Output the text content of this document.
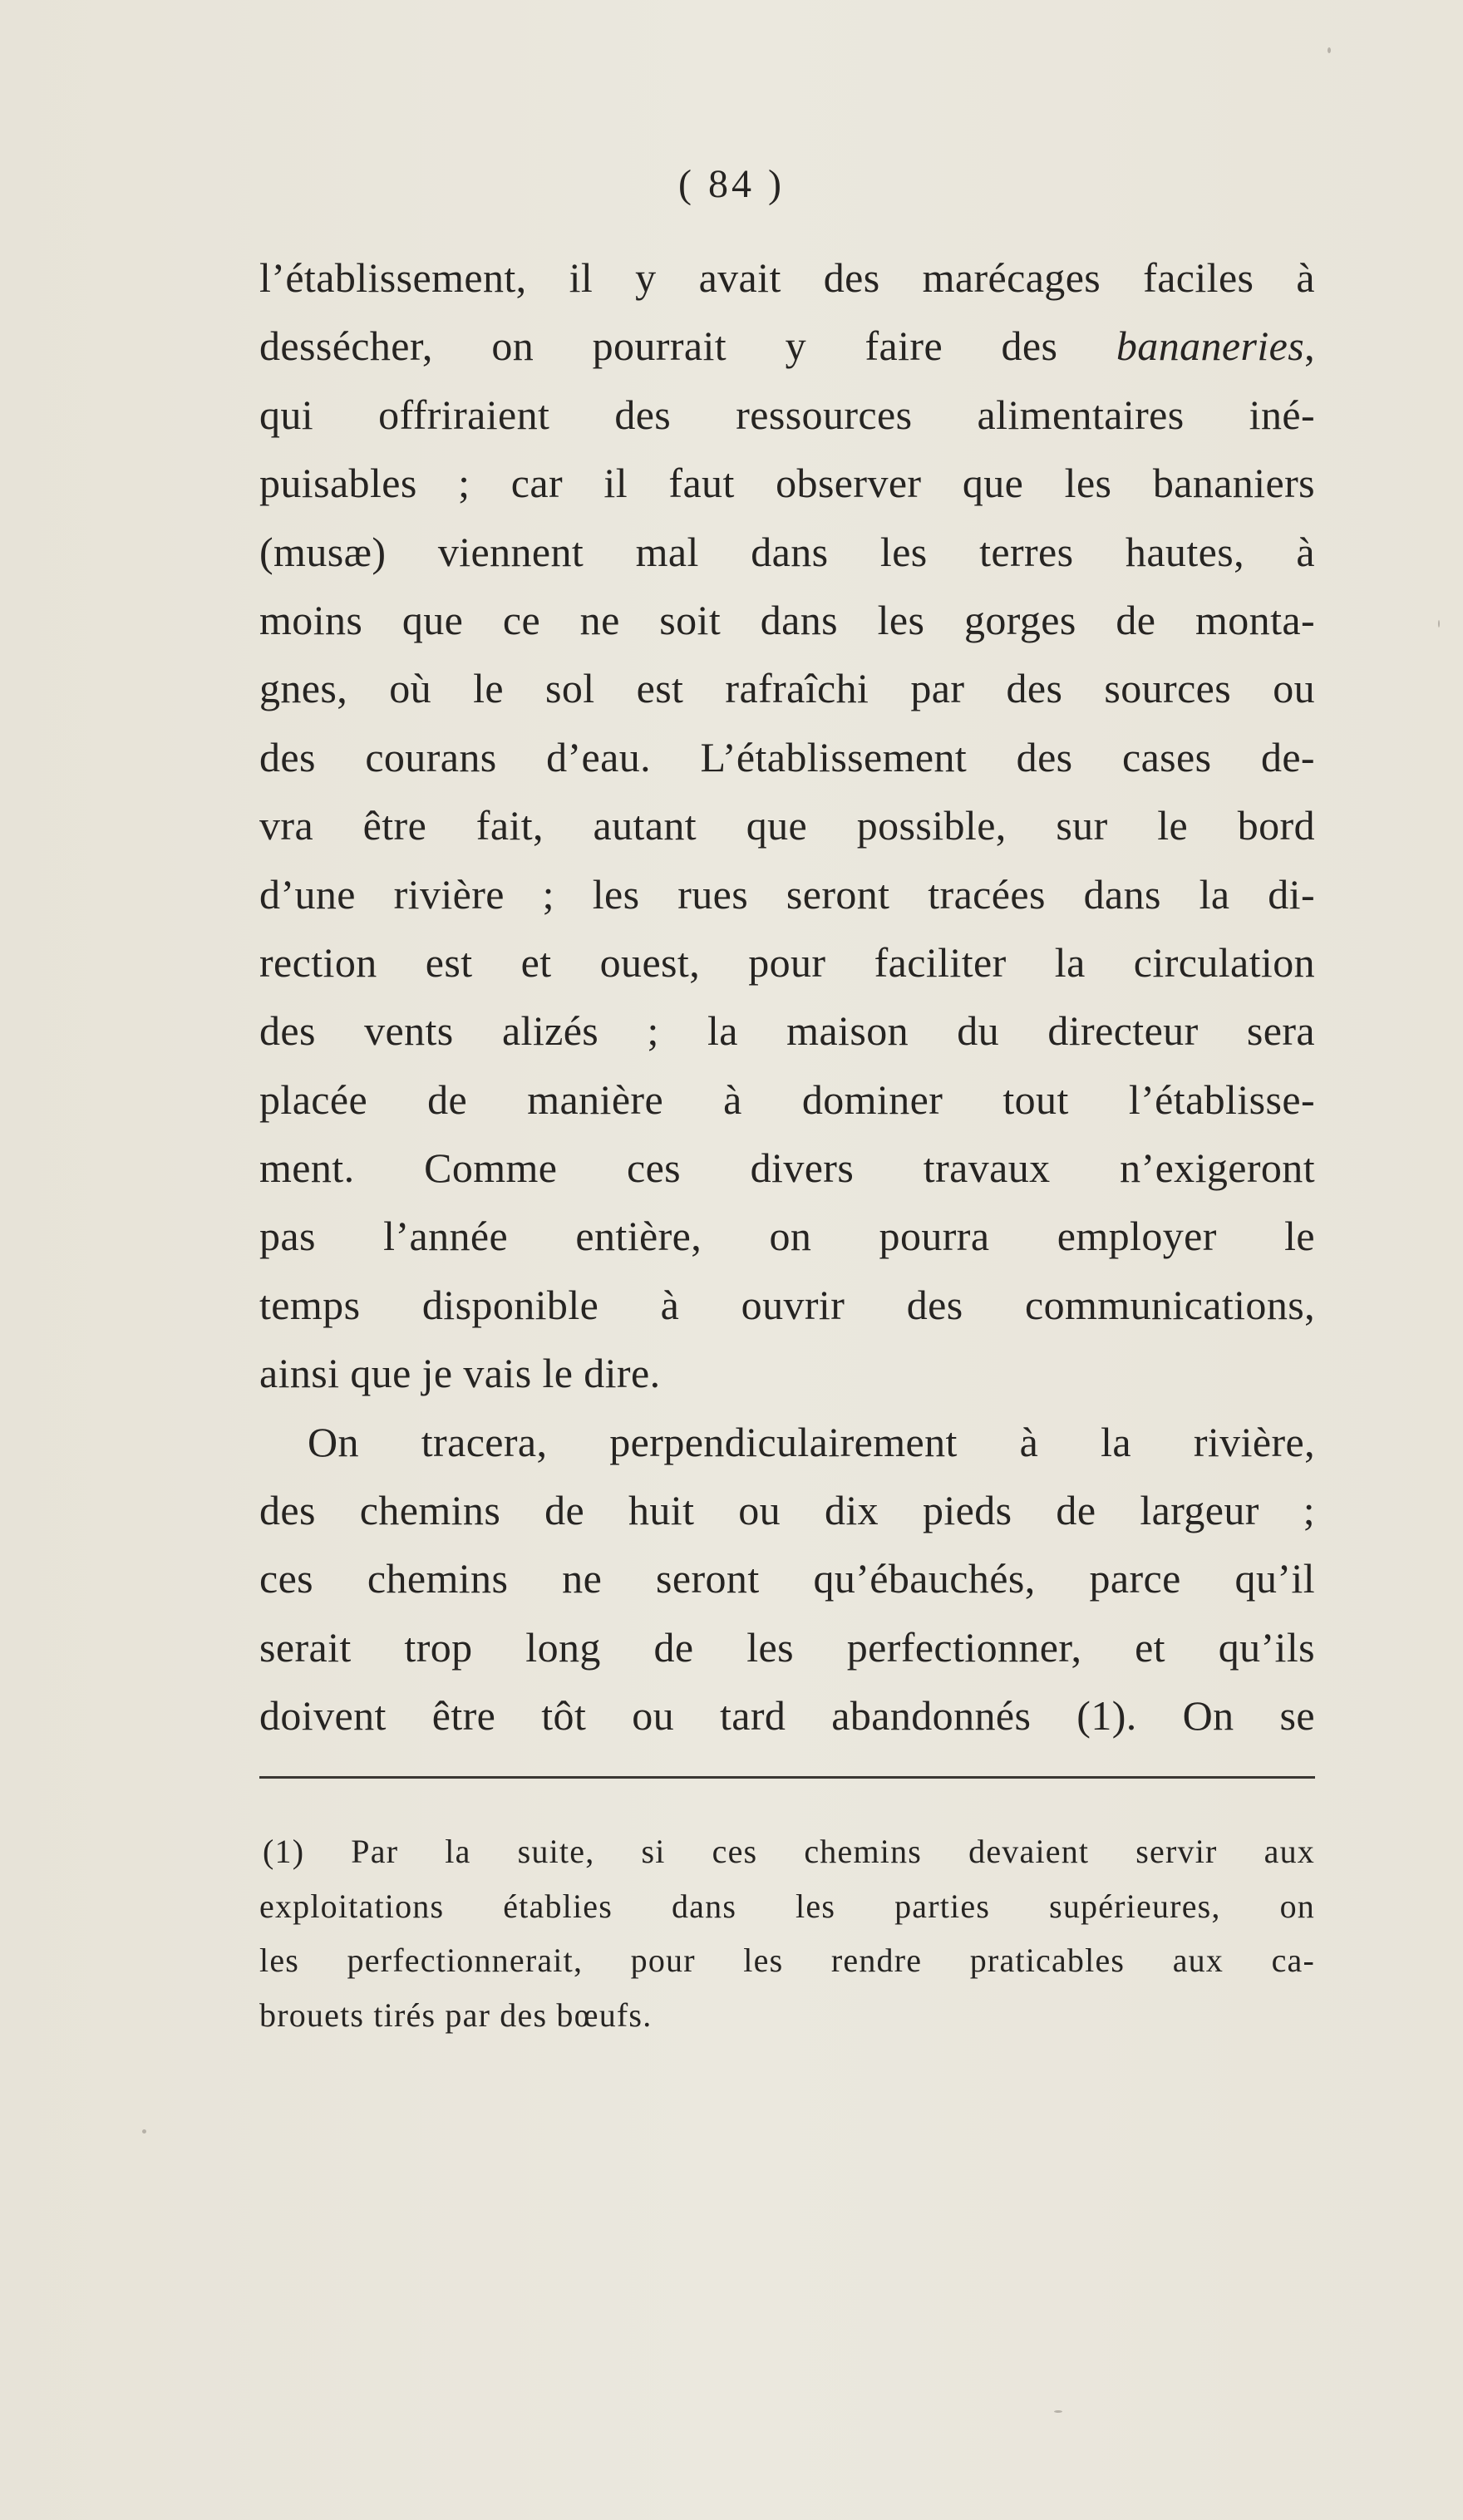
( 84 )
l’établissement, il y avait des marécages faciles à
dessécher, on pourrait y faire des bananeries,
qui offriraient des ressources alimentaires iné-
puisables ; car il faut observer que les bananiers
(musæ) viennent mal dans les terres hautes, à
moins que ce ne soit dans les gorges de monta-
gnes, où le sol est rafraîchi par des sources ou
des courans d’eau. L’établissement des cases de-
vra être fait, autant que possible, sur le bord
d’une rivière ; les rues seront tracées dans la di-
rection est et ouest, pour faciliter la circulation
des vents alizés ; la maison du directeur sera
placée de manière à dominer tout l’établisse-
ment. Comme ces divers travaux n’exigeront
pas l’année entière, on pourra employer le
temps disponible à ouvrir des communications,
ainsi que je vais le dire.
On tracera, perpendiculairement à la rivière,
des chemins de huit ou dix pieds de largeur ;
ces chemins ne seront qu’ébauchés, parce qu’il
serait trop long de les perfectionner, et qu’ils
doivent être tôt ou tard abandonnés (1). On se
(1) Par la suite, si ces chemins devaient servir aux
exploitations établies dans les parties supérieures, on
les perfectionnerait, pour les rendre praticables aux ca-
brouets tirés par des bœufs.
